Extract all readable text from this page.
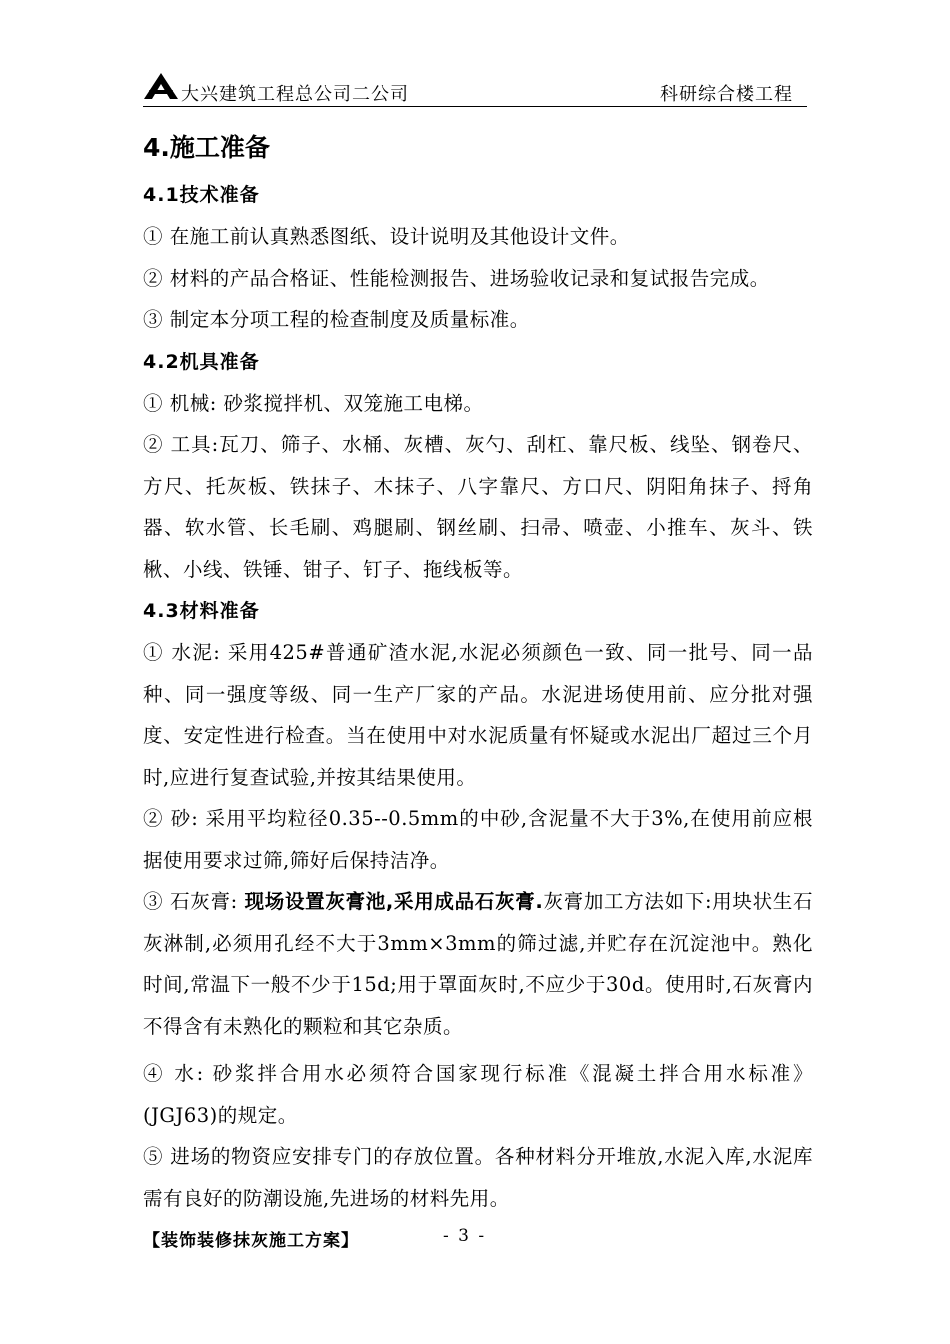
大兴建筑工程总公司二公司	科研综合楼工程
4.施工准备
4.1技术准备

① 在施工前认真熟悉图纸、设计说明及其他设计文件。

② 材料的产品合格证、性能检测报告、进场验收记录和复试报告完成。

③ 制定本分项工程的检查制度及质量标准。

4.2机具准备

① 机械: 砂浆搅拌机、双笼施工电梯。

② 工具:瓦刀、筛子、水桶、灰槽、灰勺、刮杠、靠尺板、线坠、钢卷尺、方尺、托灰板、铁抹子、木抹子、八字靠尺、方口尺、阴阳角抹子、捋角器、软水管、长毛刷、鸡腿刷、钢丝刷、扫帚、喷壶、小推车、灰斗、铁楸、小线、铁锤、钳子、钉子、拖线板等。

4.3材料准备

① 水泥: 采用425#普通矿渣水泥,水泥必须颜色一致、同一批号、同一品种、同一强度等级、同一生产厂家的产品。水泥进场使用前、应分批对强度、安定性进行检查。当在使用中对水泥质量有怀疑或水泥出厂超过三个月时,应进行复查试验,并按其结果使用。

② 砂: 采用平均粒径0.35--0.5mm的中砂,含泥量不大于3%,在使用前应根据使用要求过筛,筛好后保持洁净。

③ 石灰膏: 现场设置灰膏池,采用成品石灰膏.灰膏加工方法如下:用块状生石灰淋制,必须用孔经不大于3mm×3mm的筛过滤,并贮存在沉淀池中。熟化时间,常温下一般不少于15d;用于罩面灰时,不应少于30d。使用时,石灰膏内不得含有未熟化的颗粒和其它杂质。

④ 水: 砂浆拌合用水必须符合国家现行标准《混凝土拌合用水标准》(JGJ63)的规定。

⑤ 进场的物资应安排专门的存放位置。各种材料分开堆放,水泥入库,水泥库需有良好的防潮设施,先进场的材料先用。

【装饰装修抹灰施工方案】	- 3 -
